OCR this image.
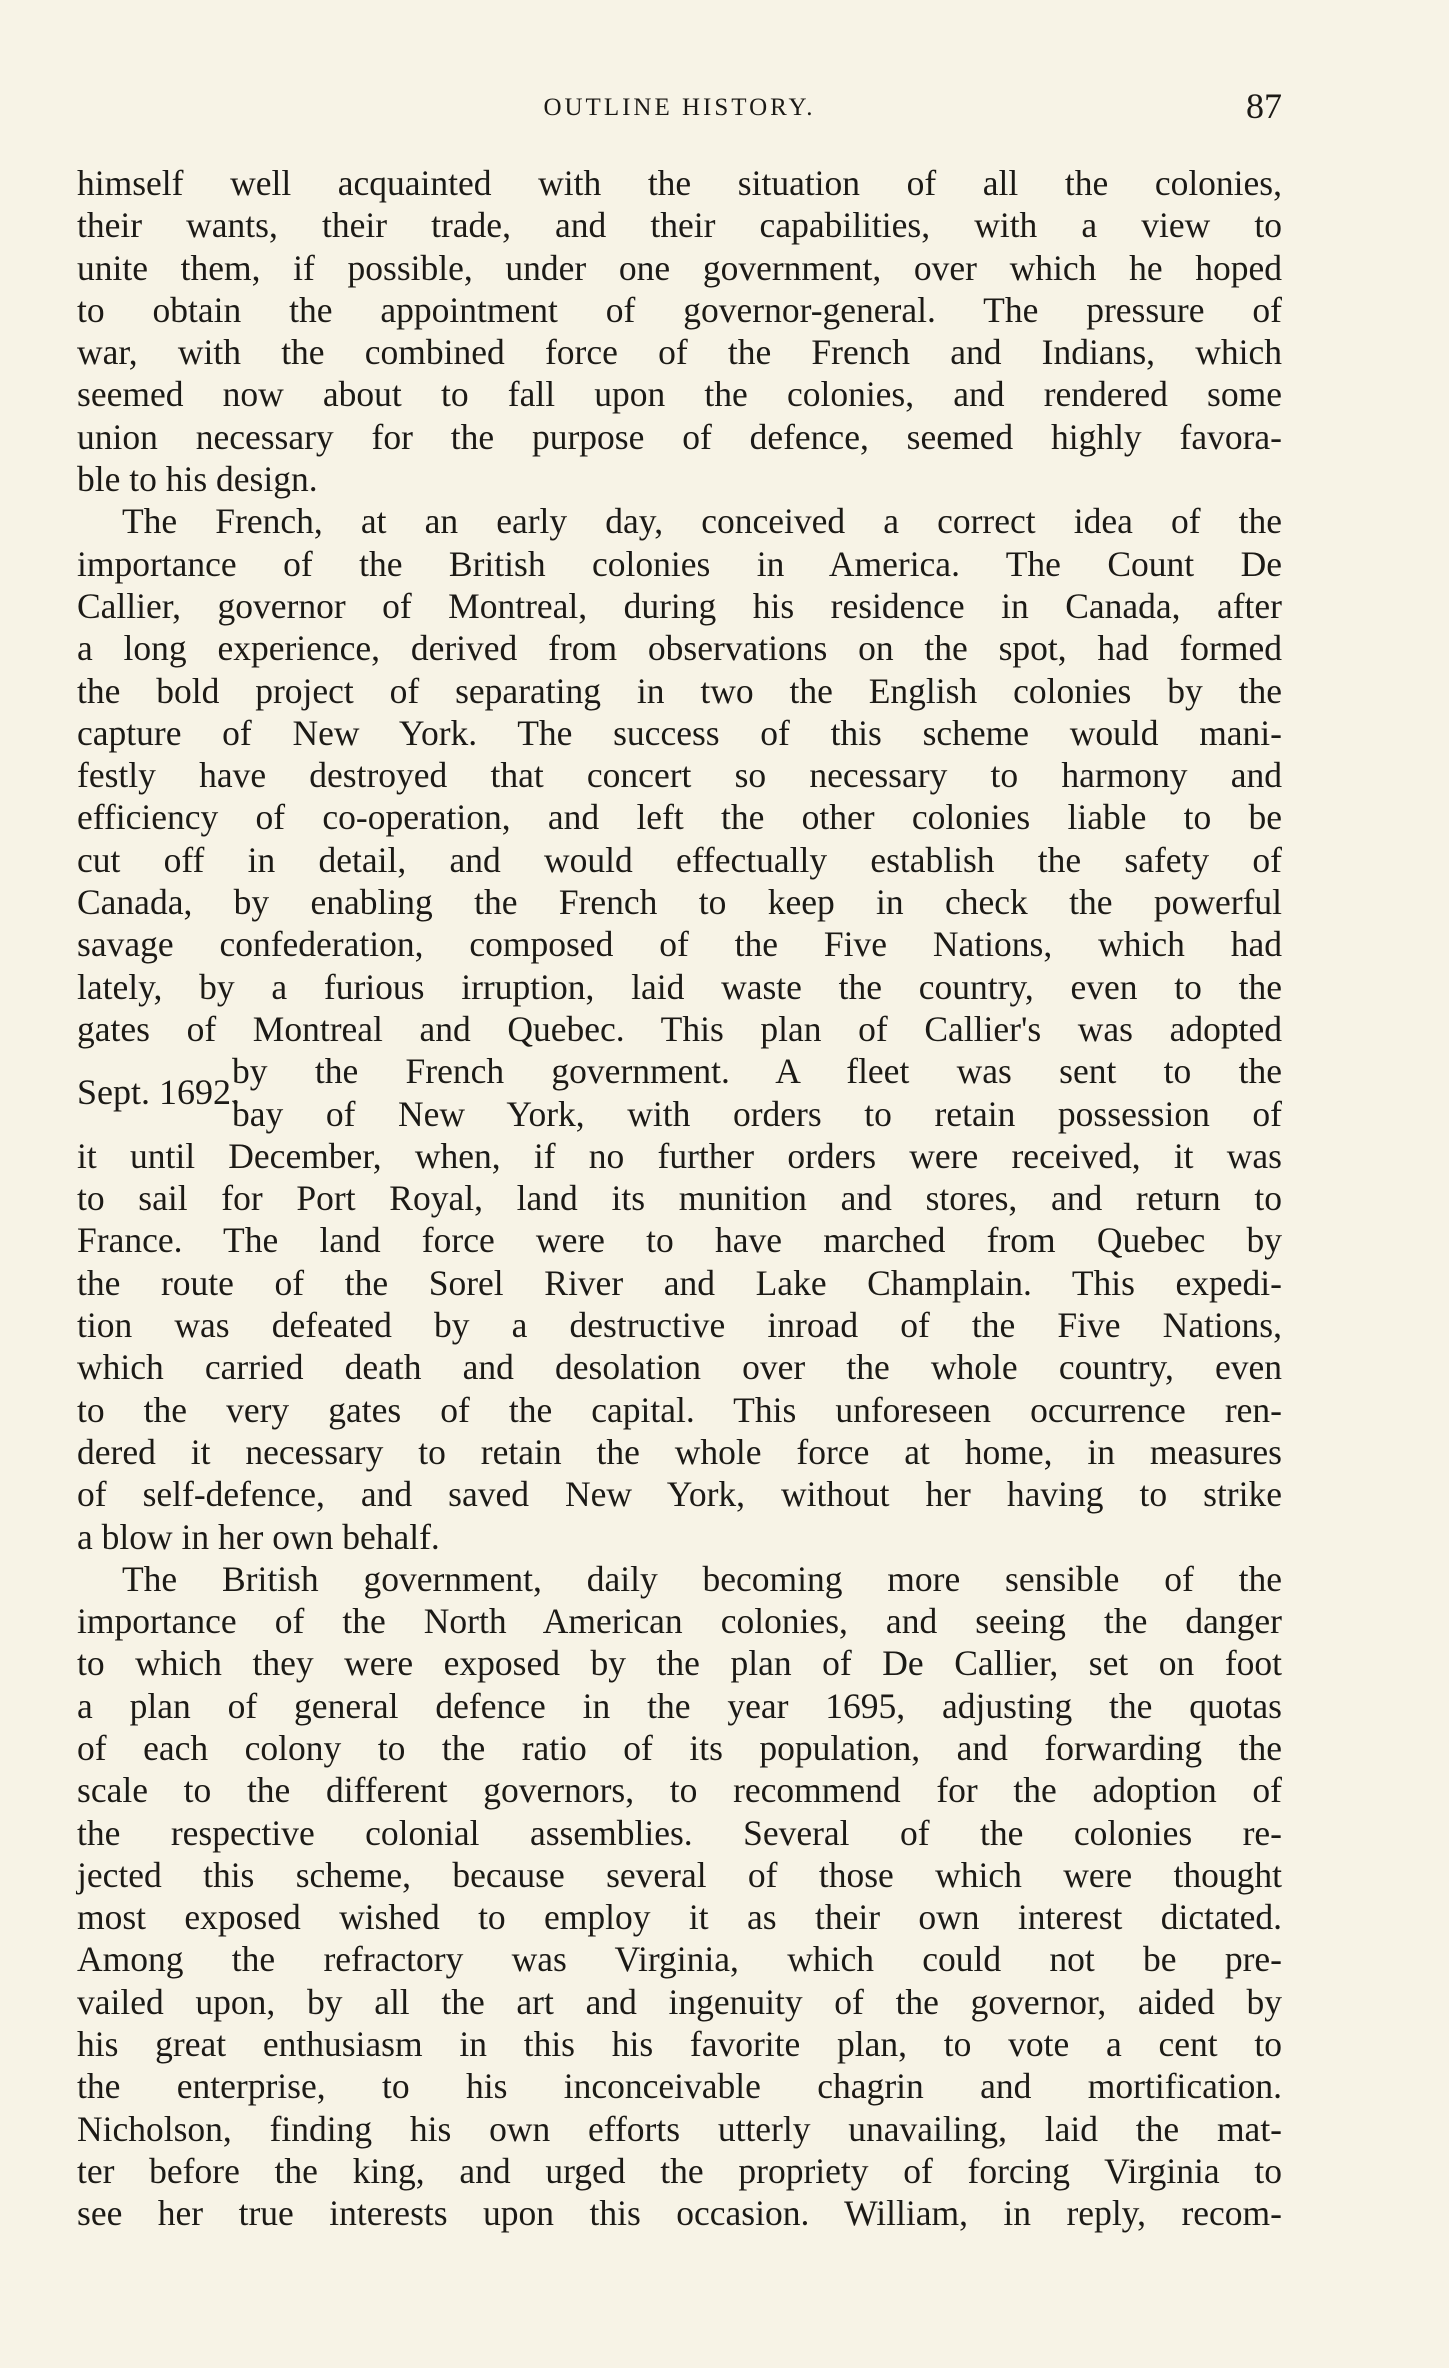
OUTLINE HISTORY.	87
himself well acquainted with the situation of all the colonies,
their wants, their trade, and their capabilities, with a view to
unite them, if possible, under one government, over which he hoped
to obtain the appointment of governor-general. The pressure of
war, with the combined force of the French and Indians, which
seemed now about to fall upon the colonies, and rendered some
union necessary for the purpose of defence, seemed highly favora-
ble to his design.
The French, at an early day, conceived a correct idea of the
importance of the British colonies in America. The Count De
Callier, governor of Montreal, during his residence in Canada, after
a long experience, derived from observations on the spot, had formed
the bold project of separating in two the English colonies by the
capture of New York. The success of this scheme would mani-
festly have destroyed that concert so necessary to harmony and
efficiency of co-operation, and left the other colonies liable to be
cut off in detail, and would effectually establish the safety of
Canada, by enabling the French to keep in check the powerful
savage confederation, composed of the Five Nations, which had
lately, by a furious irruption, laid waste the country, even to the
gates of Montreal and Quebec. This plan of Callier's was adopted
Sept. 1692.
by the French government. A fleet was sent to the
bay of New York, with orders to retain possession of
it until December, when, if no further orders were received, it was
to sail for Port Royal, land its munition and stores, and return to
France. The land force were to have marched from Quebec by
the route of the Sorel River and Lake Champlain. This expedi-
tion was defeated by a destructive inroad of the Five Nations,
which carried death and desolation over the whole country, even
to the very gates of the capital. This unforeseen occurrence ren-
dered it necessary to retain the whole force at home, in measures
of self-defence, and saved New York, without her having to strike
a blow in her own behalf.
The British government, daily becoming more sensible of the
importance of the North American colonies, and seeing the danger
to which they were exposed by the plan of De Callier, set on foot
a plan of general defence in the year 1695, adjusting the quotas
of each colony to the ratio of its population, and forwarding the
scale to the different governors, to recommend for the adoption of
the respective colonial assemblies. Several of the colonies re-
jected this scheme, because several of those which were thought
most exposed wished to employ it as their own interest dictated.
Among the refractory was Virginia, which could not be pre-
vailed upon, by all the art and ingenuity of the governor, aided by
his great enthusiasm in this his favorite plan, to vote a cent to
the enterprise, to his inconceivable chagrin and mortification.
Nicholson, finding his own efforts utterly unavailing, laid the mat-
ter before the king, and urged the propriety of forcing Virginia to
see her true interests upon this occasion. William, in reply, recom-
